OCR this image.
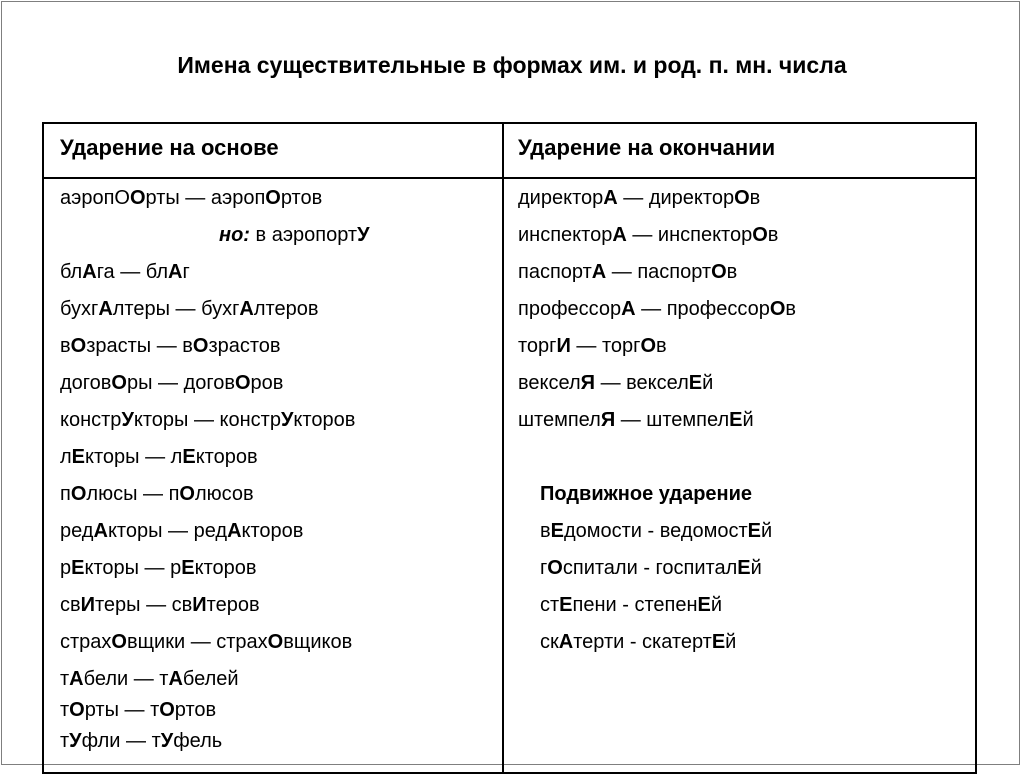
Имена существительные в формах им. и род. п. мн. числа
Ударение на основе	Ударение на окончании
аэропООрты — аэропОртов
но: в аэропортУ
блАга — блАг
бухгАлтеры — бухгАлтеров
вОзрасты — вОзрастов
договОры — договОров
констрУкторы — констрУкторов
лЕкторы — лЕкторов
пОлюсы — пОлюсов
редАкторы — редАкторов
рЕкторы — рЕкторов
свИтеры — свИтеров
страхОвщики — страхОвщиков
тАбели — тАбелей
тОрты — тОртов
тУфли — тУфель
директорА — директорОв
инспекторА — инспекторОв
паспортА — паспортОв
профессорА — профессорОв
торгИ — торгОв
векселЯ — векселЕй
штемпелЯ — штемпелЕй
Подвижное ударение
вЕдомости - ведомостЕй
гОспитали - госпиталЕй
стЕпени - степенЕй
скАтерти - скатертЕй
